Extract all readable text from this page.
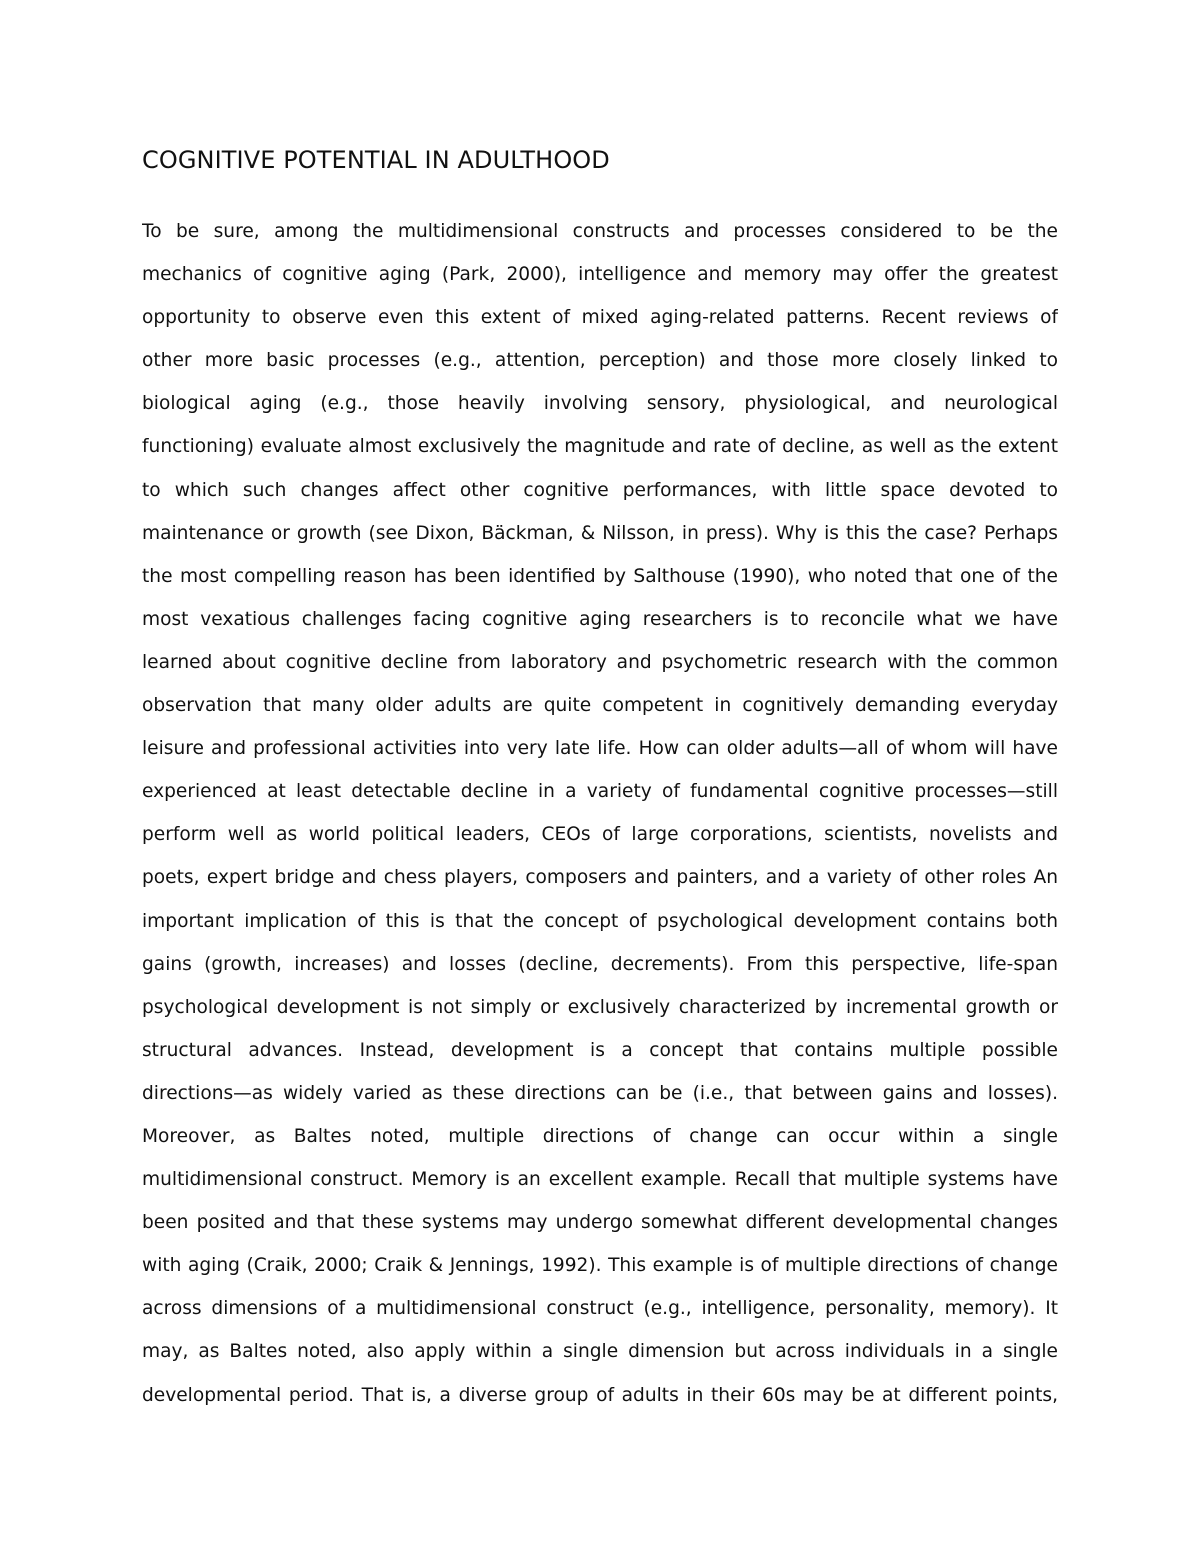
COGNITIVE POTENTIAL IN ADULTHOOD
To be sure, among the multidimensional constructs and processes considered to be the
mechanics of cognitive aging (Park, 2000), intelligence and memory may offer the greatest
opportunity to observe even this extent of mixed aging-related patterns. Recent reviews of
other more basic processes (e.g., attention, perception) and those more closely linked to
biological aging (e.g., those heavily involving sensory, physiological, and neurological
functioning) evaluate almost exclusively the magnitude and rate of decline, as well as the extent
to which such changes affect other cognitive performances, with little space devoted to
maintenance or growth (see Dixon, Bäckman, & Nilsson, in press). Why is this the case? Perhaps
the most compelling reason has been identified by Salthouse (1990), who noted that one of the
most vexatious challenges facing cognitive aging researchers is to reconcile what we have
learned about cognitive decline from laboratory and psychometric research with the common
observation that many older adults are quite competent in cognitively demanding everyday
leisure and professional activities into very late life. How can older adults—all of whom will have
experienced at least detectable decline in a variety of fundamental cognitive processes—still
perform well as world political leaders, CEOs of large corporations, scientists, novelists and
poets, expert bridge and chess players, composers and painters, and a variety of other roles An
important implication of this is that the concept of psychological development contains both
gains (growth, increases) and losses (decline, decrements). From this perspective, life-span
psychological development is not simply or exclusively characterized by incremental growth or
structural advances. Instead, development is a concept that contains multiple possible
directions—as widely varied as these directions can be (i.e., that between gains and losses).
Moreover, as Baltes noted, multiple directions of change can occur within a single
multidimensional construct. Memory is an excellent example. Recall that multiple systems have
been posited and that these systems may undergo somewhat different developmental changes
with aging (Craik, 2000; Craik & Jennings, 1992). This example is of multiple directions of change
across dimensions of a multidimensional construct (e.g., intelligence, personality, memory). It
may, as Baltes noted, also apply within a single dimension but across individuals in a single
developmental period. That is, a diverse group of adults in their 60s may be at different points,
